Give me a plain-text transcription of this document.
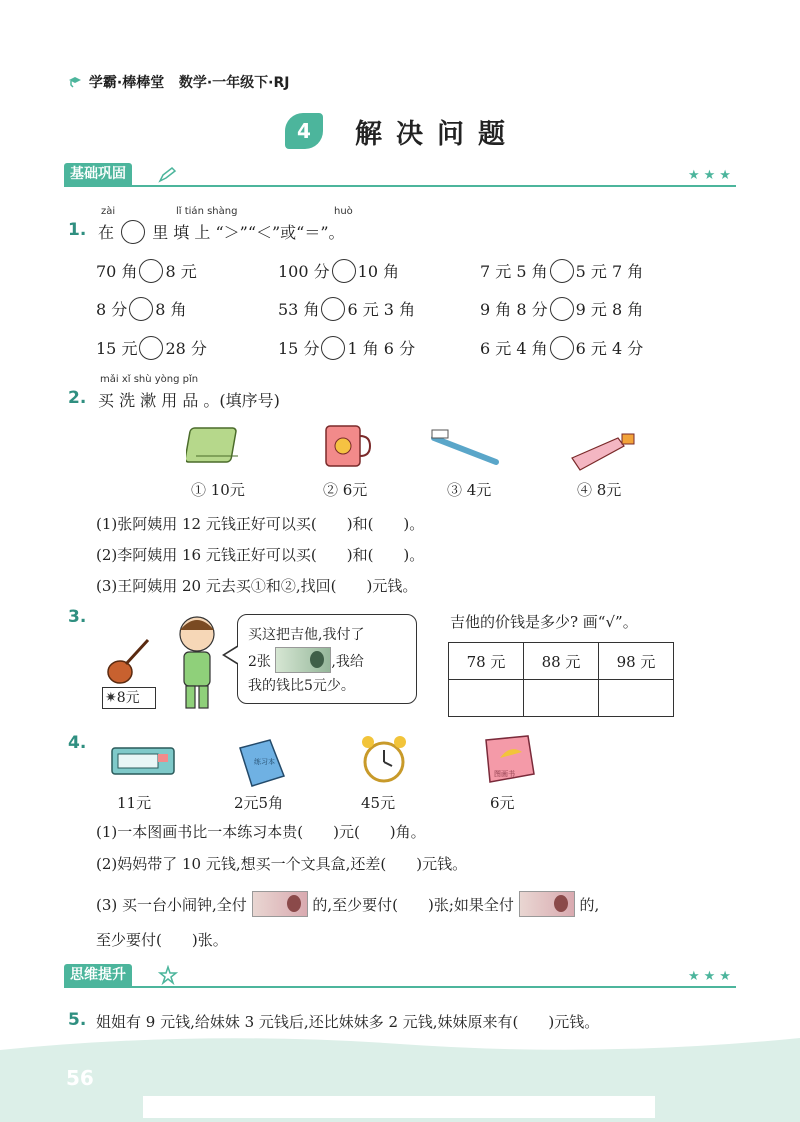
学霸·棒棒堂 数学·一年级下·RJ
4	解决问题
基础巩固	★★★
zài	lǐ tián shàng	huò
1. 在 里 填 上 “＞”“＜”或“＝”。
70 角 8 元	100 分 10 角	7 元 5 角 5 元 7 角
8 分 8 角	53 角 6 元 3 角	9 角 8 分 9 元 8 角
15 元 28 分	15 分 1 角 6 分	6 元 4 角 6 元 4 分
mǎi xǐ shù yòng pǐn
2. 买 洗 漱 用 品 。(填序号)
① 10元	② 6元	③ 4元	④ 8元
(1)张阿姨用 12 元钱正好可以买(　　)和(　　)。
(2)李阿姨用 16 元钱正好可以买(　　)和(　　)。
(3)王阿姨用 20 元去买①和②,找回(　　)元钱。
3.
✷8元
买这把吉他,我付了
2张	,我给
我的钱比5元少。
吉他的价钱是多少? 画“√”。
78 元	88 元	98 元

4.
练习本
图画书
11元	2元5角	45元	6元
(1)一本图画书比一本练习本贵(　　)元(　　)角。
(2)妈妈带了 10 元钱,想买一个文具盒,还差(　　)元钱。
(3) 买一台小闹钟,全付	的,至少要付(　　)张;如果全付	的,
至少要付(　　)张。
思维提升	★★★
5. 姐姐有 9 元钱,给妹妹 3 元钱后,还比妹妹多 2 元钱,妹妹原来有(　　)元钱。
56
